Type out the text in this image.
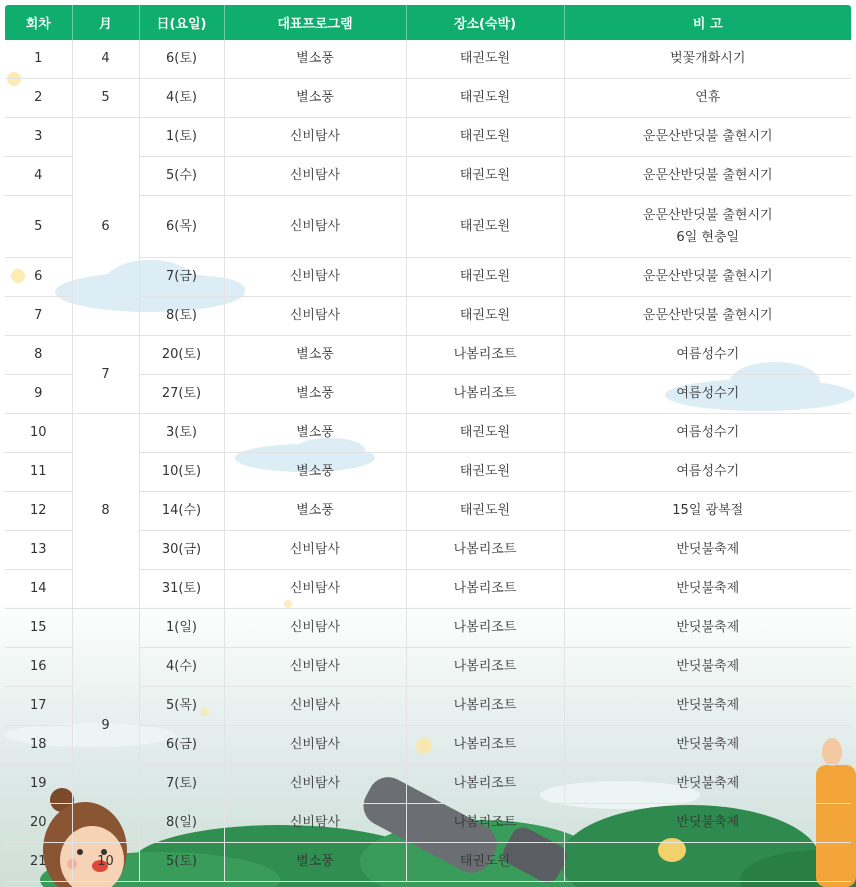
회차	月	日(요일)	대표프로그램	장소(숙박)	비 고
1	4	6(토)	별소풍	태권도원	벚꽃개화시기
2	5	4(토)	별소풍	태권도원	연휴
3	6	1(토)	신비탐사	태권도원	운문산반딧불 출현시기
4		5(수)	신비탐사	태권도원	운문산반딧불 출현시기
5		6(목)	신비탐사	태권도원	운문산반딧불 출현시기
6일 현충일

6		7(금)	신비탐사	태권도원	운문산반딧불 출현시기
7		8(토)	신비탐사	태권도원	운문산반딧불 출현시기
8	7	20(토)	별소풍	나봄리조트	여름성수기
9		27(토)	별소풍	나봄리조트	여름성수기
10	8	3(토)	별소풍	태권도원	여름성수기
11		10(토)	별소풍	태권도원	여름성수기
12		14(수)	별소풍	태권도원	15일 광복절
13		30(금)	신비탐사	나봄리조트	반딧불축제
14		31(토)	신비탐사	나봄리조트	반딧불축제
15	9	1(일)	신비탐사	나봄리조트	반딧불축제
16		4(수)	신비탐사	나봄리조트	반딧불축제
17		5(목)	신비탐사	나봄리조트	반딧불축제
18		6(금)	신비탐사	나봄리조트	반딧불축제
19		7(토)	신비탐사	나봄리조트	반딧불축제
20		8(일)	신비탐사	나봄리조트	반딧불축제
21	10	5(토)	별소풍	태권도원	
